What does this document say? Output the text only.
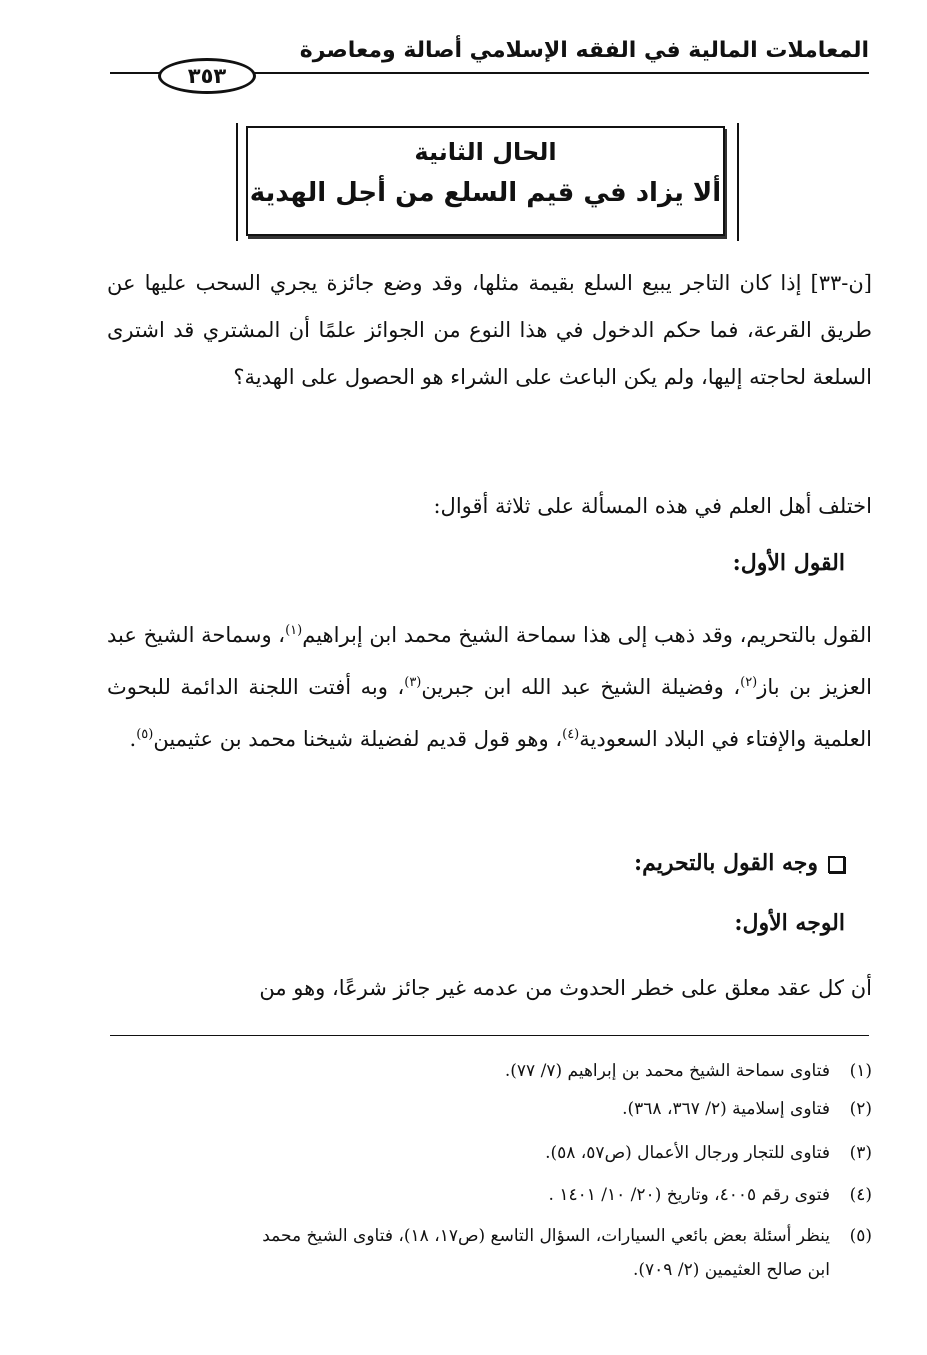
المعاملات المالية في الفقه الإسلامي أصالة ومعاصرة
٣٥٣
الحال الثانية
ألا يزاد في قيم السلع من أجل الهدية
[ن-٣٣] إذا كان التاجر يبيع السلع بقيمة مثلها، وقد وضع جائزة يجري السحب عليها عن طريق القرعة، فما حكم الدخول في هذا النوع من الجوائز علمًا أن المشتري قد اشترى السلعة لحاجته إليها، ولم يكن الباعث على الشراء هو الحصول على الهدية؟
اختلف أهل العلم في هذه المسألة على ثلاثة أقوال:
القول الأول:
القول بالتحريم، وقد ذهب إلى هذا سماحة الشيخ محمد ابن إبراهيم$^{(١)}$، وسماحة الشيخ عبد العزيز بن باز$^{(٢)}$، وفضيلة الشيخ عبد الله ابن جبرين$^{(٣)}$، وبه أفتت اللجنة الدائمة للبحوث العلمية والإفتاء في البلاد السعودية$^{(٤)}$، وهو قول قديم لفضيلة شيخنا محمد بن عثيمين$^{(٥)}$.
وجه القول بالتحريم:
الوجه الأول:
أن كل عقد معلق على خطر الحدوث من عدمه غير جائز شرعًا، وهو من
(١)فتاوى سماحة الشيخ محمد بن إبراهيم (٧/ ٧٧).
(٢)فتاوى إسلامية (٢/ ٣٦٧، ٣٦٨).
(٣)فتاوى للتجار ورجال الأعمال (ص٥٧، ٥٨).
(٤)فتوى رقم ٤٠٠٥، وتاريخ (٢٠/ ١٠/ ١٤٠١ .
(٥)ينظر أسئلة بعض بائعي السيارات، السؤال التاسع (ص١٧، ١٨)، فتاوى الشيخ محمد
ابن صالح العثيمين (٢/ ٧٠٩).
